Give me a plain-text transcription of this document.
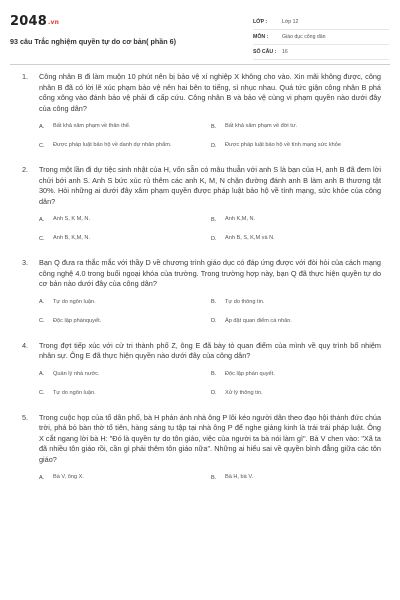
2048.vn
93 câu Trắc nghiệm quyền tự do cơ bản( phần 6)
LỚP :	Lớp 12
MÔN :	Giáo dục công dân
SỐ CÂU :	16
1.	Công nhân B đi làm muộn 10 phút nên bị bảo vệ xí nghiệp X không cho vào. Xin mãi không được, công nhân B đã có lời lẽ xúc phạm bảo vệ nên hai bên to tiếng, sỉ nhục nhau. Quá tức giận công nhân B phá cổng xông vào đánh bảo vệ phải đi cấp cứu. Công nhân B và bảo vệ cùng vi phạm quyền nào dưới đây của công dân?

A.	Bất khả xâm phạm về thân thể.	B.	Bất khả xâm phạm về đời tư.
C.	Được pháp luật bảo hộ về danh dự nhân phẩm.	D.	Được pháp luật bảo hộ về tính mạng sức khỏe
2.	Trong một lần đi dự tiệc sinh nhật của H, vốn sẵn có mâu thuẫn với anh S là bạn của H, anh B đã đem lời chửi bới anh S. Anh S bức xúc rủ thêm các anh K, M, N chặn đường đánh anh B làm anh B thương tật 30%. Hỏi những ai dưới đây xâm phạm quyền được pháp luật bảo hộ về tính mạng, sức khỏe của công dân?

A.	Anh S, K M, N.	B.	Anh K,M, N.
C.	Anh B, K,M, N.	D.	Anh B, S, K,M và N.
3.	Bạn Q đưa ra thắc mắc với thầy D về chương trình giáo dục có đáp ứng được với đòi hỏi của cách mạng công nghệ 4.0 trong buổi ngoại khóa của trường. Trong trường hợp này, bạn Q đã thực hiện quyền tự do cơ bản nào dưới đây của công dân?

A.	Tự do ngôn luận.	B.	Tự do thông tin.
C.	Độc lập phánquyết.	D.	Áp đặt quan điểm cá nhân.
4.	Trong đợt tiếp xúc với cử tri thành phố Z, ông E đã bày tỏ quan điểm của mình về quy trình bổ nhiệm nhân sự. Ông E đã thực hiện quyền nào dưới đây của công dân?

A.	Quản lý nhà nước.	B.	Độc lập phán quyết.
C.	Tự do ngôn luận.	D.	Xử lý thông tin.
5.	Trong cuộc họp của tổ dân phố, bà H phản ánh nhà ông P lôi kéo người dân theo đạo hội thánh đức chúa trời, phá bỏ bàn thờ tổ tiên, hàng sáng tụ tập tại nhà ông P để nghe giảng kinh là trái trái pháp luật. Ông X cắt ngang lời bà H: "Đó là quyền tự do tôn giáo, việc của người ta bà nói làm gì". Bà V chen vào: "Xã ta đã nhiều tôn giáo rồi, cần gì phải thêm tôn giáo nữa". Những ai hiểu sai về quyền bình đẳng giữa các tôn giáo?

A.	Bà V, ông X.	B.	Bà H, bà V.
